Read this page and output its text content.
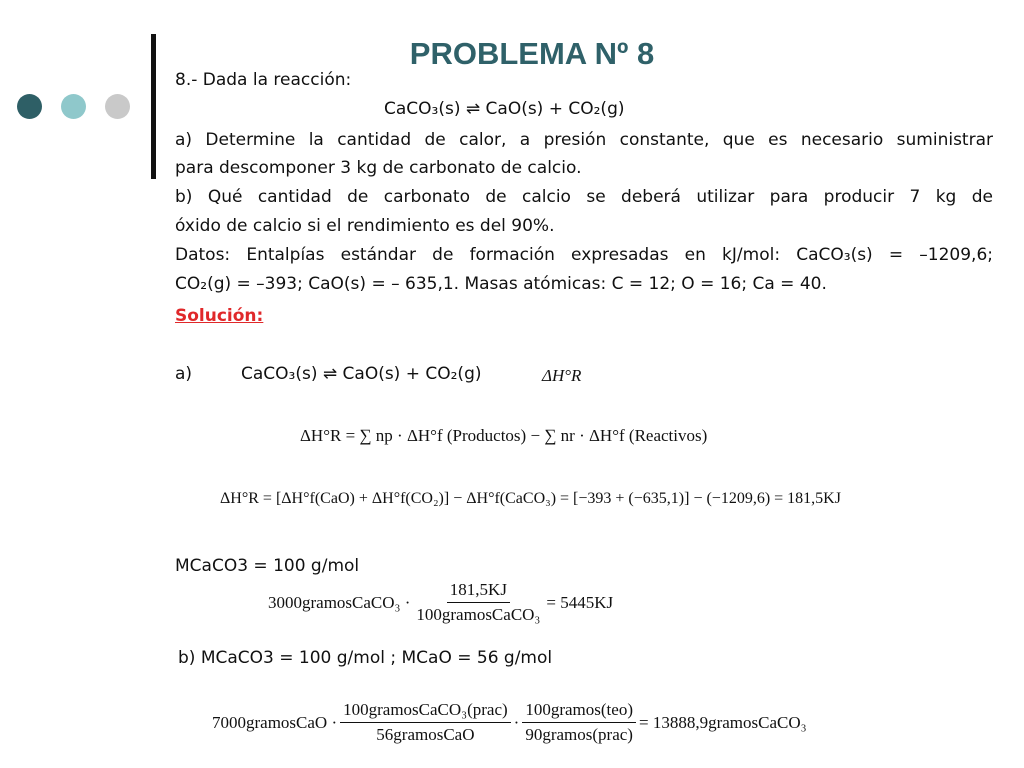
PROBLEMA Nº 8
8.- Dada la reacción:
CaCO₃(s) ⇌ CaO(s) + CO₂(g)
a) Determine la cantidad de calor, a presión constante, que es necesario suministrar
para descomponer 3 kg de carbonato de calcio.
b) Qué cantidad de carbonato de calcio se deberá utilizar para producir 7 kg de
óxido de calcio si el rendimiento es del 90%.
Datos: Entalpías estándar de formación expresadas en kJ/mol: CaCO₃(s) = –1209,6;
CO₂(g) = –393; CaO(s) = – 635,1. Masas atómicas: C = 12; O = 16; Ca = 40.
Solución:
a)	CaCO₃(s) ⇌ CaO(s) + CO₂(g)	ΔH°R
ΔH°R = ∑ np · ΔH°f (Productos) − ∑ nr · ΔH°f (Reactivos)
ΔH°R = [ΔH°f(CaO) + ΔH°f(CO₂)] − ΔH°f(CaCO₃) = [−393 + (−635,1)] − (−1209,6) = 181,5KJ
MCaCO3 = 100 g/mol
3000gramosCaCO₃ · $\frac{181,5KJ}{\text{100gramosCaCO₃}} = 5445KJ$
b) MCaCO3 = 100 g/mol ; MCaO = 56 g/mol
7000gramosCaO · $\frac{\text{100gramosCaCO₃(prac)}}{\text{56gramosCaO}} \cdot \frac{\text{100gramos(teo)}}{\text{90gramos(prac)}}$ = 13888,9gramosCaCO₃
